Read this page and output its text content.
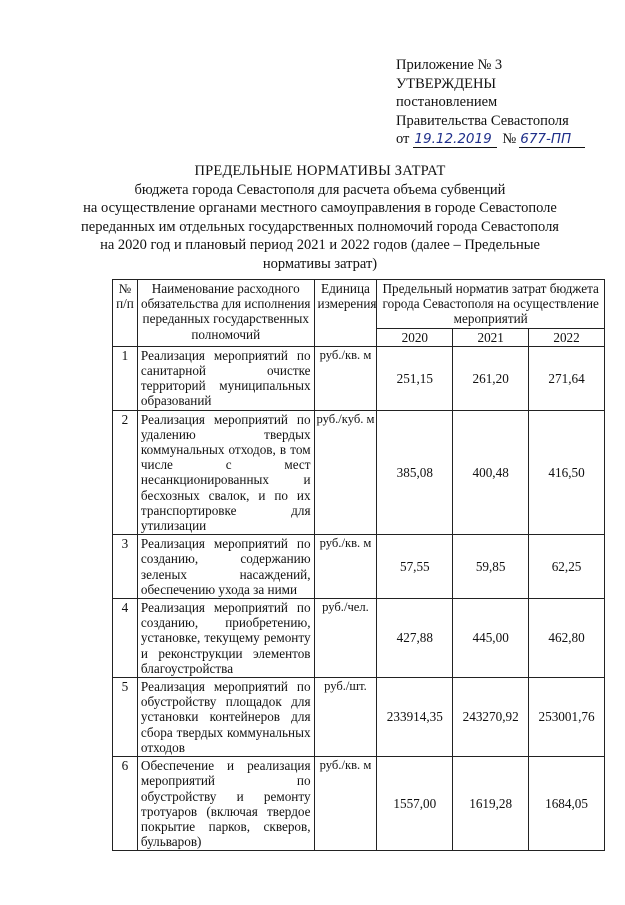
Приложение № 3
УТВЕРЖДЕНЫ
постановлением
Правительства Севастополя
от 19.12.2019 № 677-ПП
ПРЕДЕЛЬНЫЕ НОРМАТИВЫ ЗАТРАТ
бюджета города Севастополя для расчета объема субвенций
на осуществление органами местного самоуправления в городе Севастополе
переданных им отдельных государственных полномочий города Севастополя
на 2020 год и плановый период 2021 и 2022 годов (далее – Предельные
нормативы затрат)
№ п/п	Наименование расходного обязательства для исполнения переданных государственных полномочий	Единица измерения	Предельный норматив затрат бюджета города Севастополя на осуществление мероприятий		
			2020	2021	2022
1	Реализация мероприятий по санитарной очистке территорий муниципальных образований	руб./кв. м	251,15	261,20	271,64
2	Реализация мероприятий по удалению твердых коммунальных отходов, в том числе с мест несанкционированных и бесхозных свалок, и по их транспортировке для утилизации	руб./куб. м	385,08	400,48	416,50
3	Реализация мероприятий по созданию, содержанию зеленых насаждений, обеспечению ухода за ними	руб./кв. м	57,55	59,85	62,25
4	Реализация мероприятий по созданию, приобретению, установке, текущему ремонту и реконструкции элементов благоустройства	руб./чел.	427,88	445,00	462,80
5	Реализация мероприятий по обустройству площадок для установки контейнеров для сбора твердых коммунальных отходов	руб./шт.	233914,35	243270,92	253001,76
6	Обеспечение и реализация мероприятий по обустройству и ремонту тротуаров (включая твердое покрытие парков, скверов, бульваров)	руб./кв. м	1557,00	1619,28	1684,05
